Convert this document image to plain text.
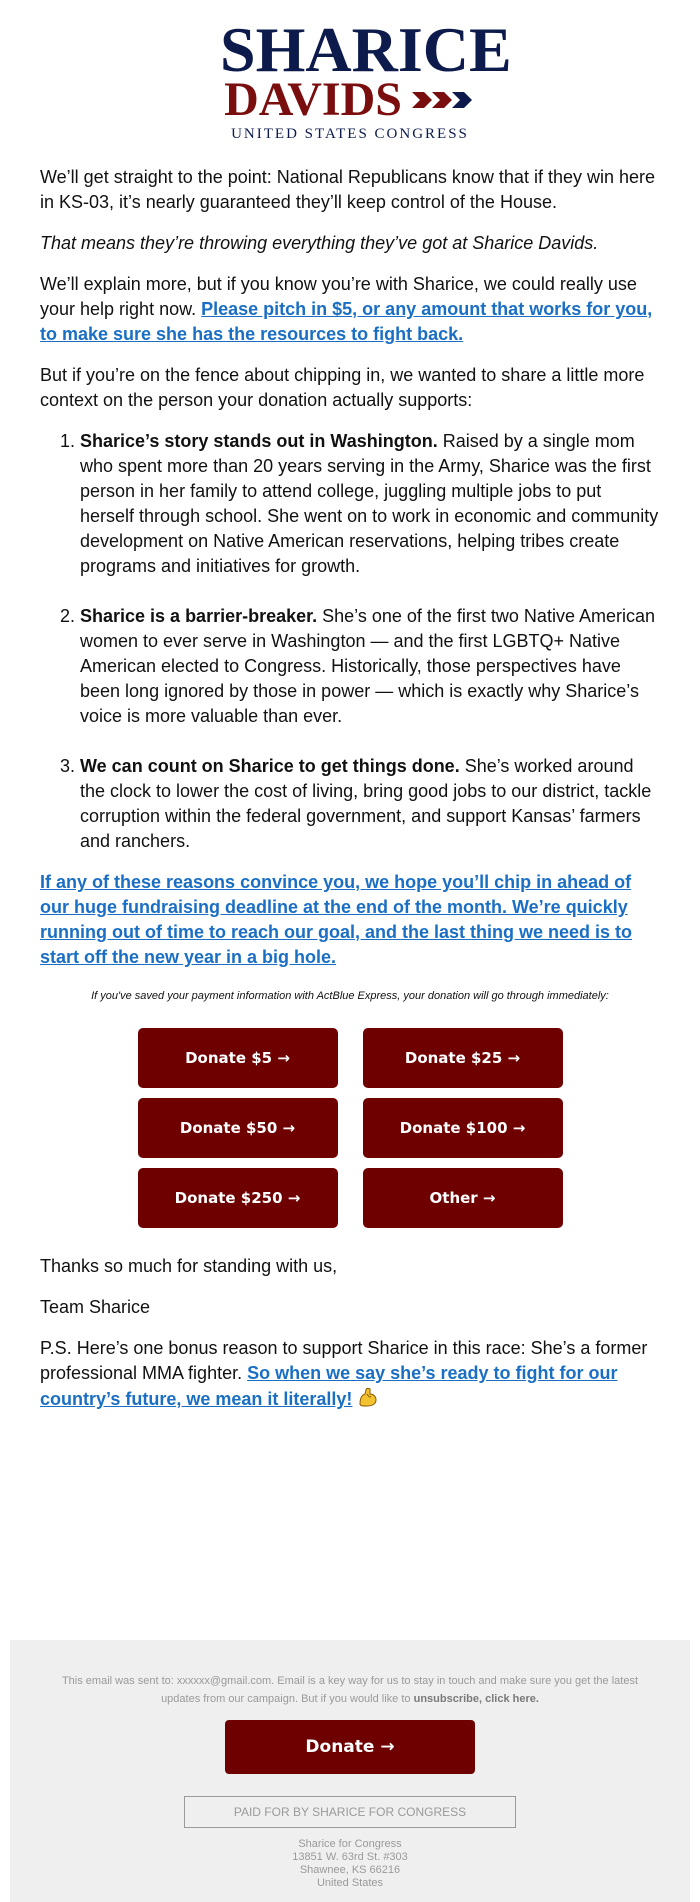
SHARICE
DAVIDS
UNITED STATES CONGRESS

We’ll get straight to the point: National Republicans know that if they win here in KS-03, it’s nearly guaranteed they’ll keep control of the House.

That means they’re throwing everything they’ve got at Sharice Davids.

We’ll explain more, but if you know you’re with Sharice, we could really use your help right now. Please pitch in $5, or any amount that works for you, to make sure she has the resources to fight back.

But if you’re on the fence about chipping in, we wanted to share a little more context on the person your donation actually supports:

1. Sharice’s story stands out in Washington. Raised by a single mom who spent more than 20 years serving in the Army, Sharice was the first person in her family to attend college, juggling multiple jobs to put herself through school. She went on to work in economic and community development on Native American reservations, helping tribes create programs and initiatives for growth.
2. Sharice is a barrier-breaker. She’s one of the first two Native American women to ever serve in Washington — and the first LGBTQ+ Native American elected to Congress. Historically, those perspectives have been long ignored by those in power — which is exactly why Sharice’s voice is more valuable than ever.
3. We can count on Sharice to get things done. She’s worked around the clock to lower the cost of living, bring good jobs to our district, tackle corruption within the federal government, and support Kansas’ farmers and ranchers.

If any of these reasons convince you, we hope you’ll chip in ahead of our huge fundraising deadline at the end of the month. We’re quickly running out of time to reach our goal, and the last thing we need is to start off the new year in a big hole.

If you've saved your payment information with ActBlue Express, your donation will go through immediately:
Donate $5 →	Donate $25 →
Donate $50 →	Donate $100 →
Donate $250 →	Other →

Thanks so much for standing with us,

Team Sharice

P.S. Here’s one bonus reason to support Sharice in this race: She’s a former professional MMA fighter. So when we say she’s ready to fight for our country’s future, we mean it literally!

This email was sent to: xxxxxx@gmail.com. Email is a key way for us to stay in touch and make sure you get the latest updates from our campaign. But if you would like to unsubscribe, click here.
Donate →
PAID FOR BY SHARICE FOR CONGRESS
Sharice for Congress
13851 W. 63rd St. #303
Shawnee, KS 66216
United States
